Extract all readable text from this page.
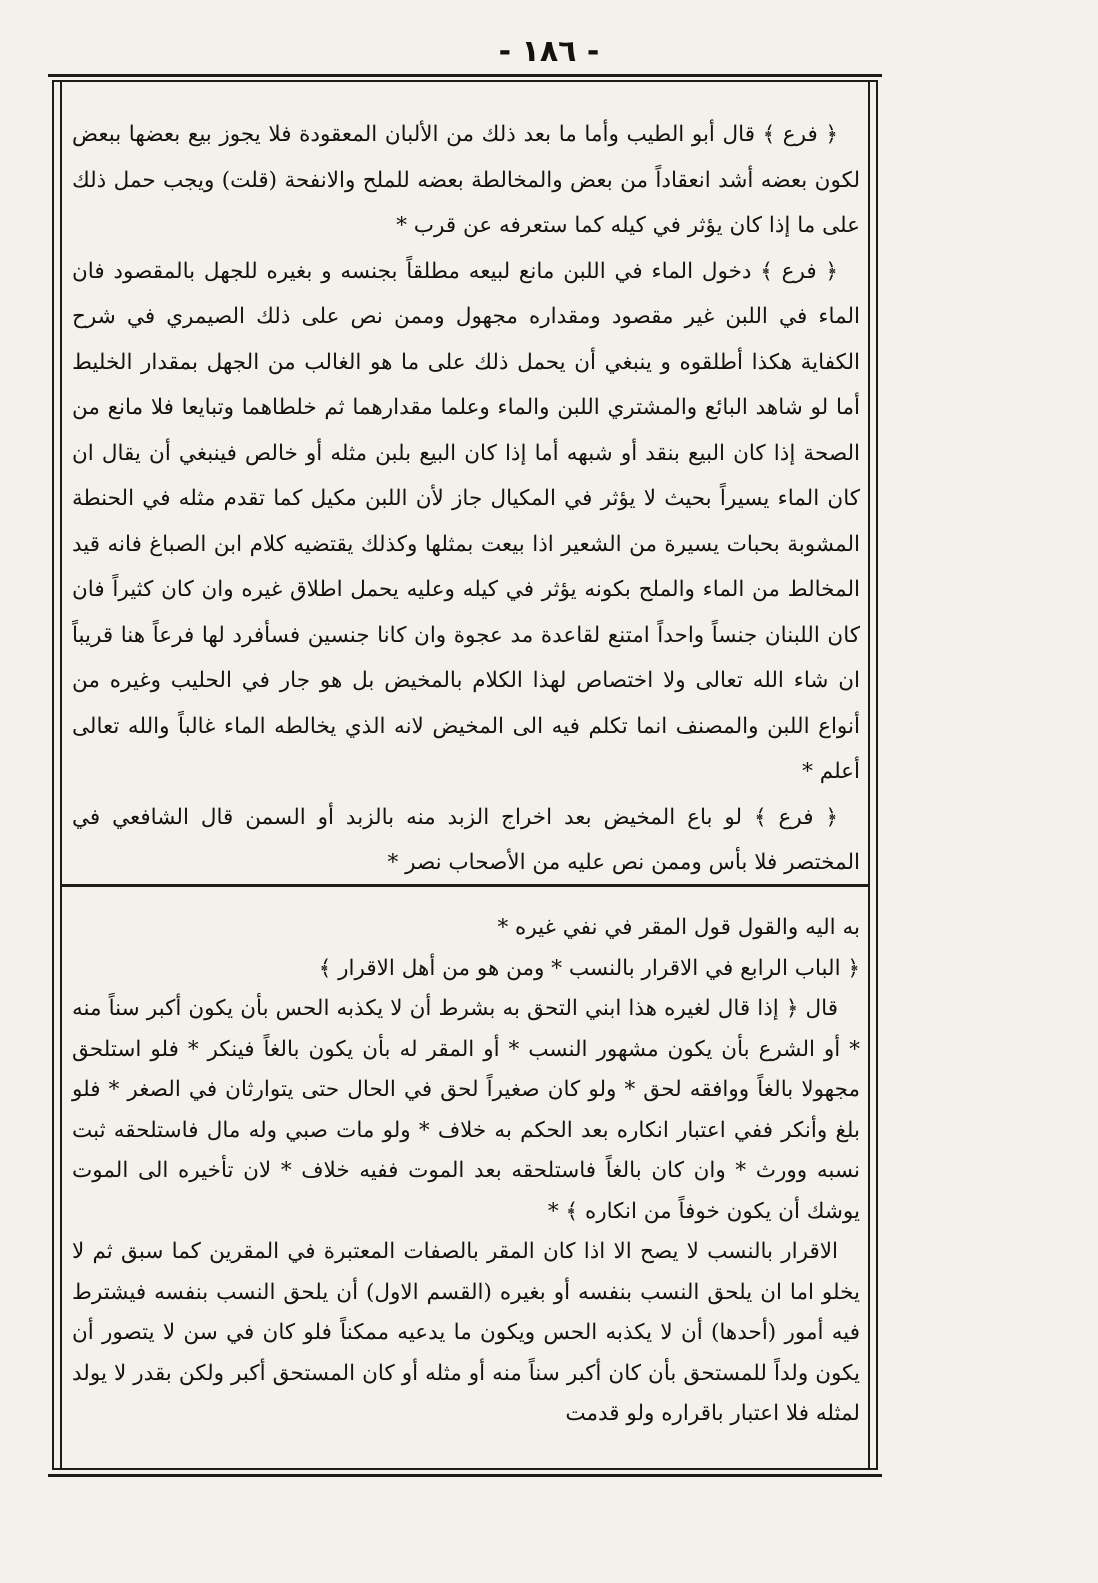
- ١٨٦ -

﴿ فرع ﴾ قال أبو الطيب وأما ما بعد ذلك من الألبان المعقودة فلا يجوز بيع بعضها ببعض لكون بعضه أشد انعقاداً من بعض والمخالطة بعضه للملح والانفحة (قلت) ويجب حمل ذلك على ما إذا كان يؤثر في كيله كما ستعرفه عن قرب *

﴿ فرع ﴾ دخول الماء في اللبن مانع لبيعه مطلقاً بجنسه و بغيره للجهل بالمقصود فان الماء في اللبن غير مقصود ومقداره مجهول وممن نص على ذلك الصيمري في شرح الكفاية هكذا أطلقوه و ينبغي أن يحمل ذلك على ما هو الغالب من الجهل بمقدار الخليط أما لو شاهد البائع والمشتري اللبن والماء وعلما مقدارهما ثم خلطاهما وتبايعا فلا مانع من الصحة إذا كان البيع بنقد أو شبهه أما إذا كان البيع بلبن مثله أو خالص فينبغي أن يقال ان كان الماء يسيراً بحيث لا يؤثر في المكيال جاز لأن اللبن مكيل كما تقدم مثله في الحنطة المشوبة بحبات يسيرة من الشعير اذا بيعت بمثلها وكذلك يقتضيه كلام ابن الصباغ فانه قيد المخالط من الماء والملح بكونه يؤثر في كيله وعليه يحمل اطلاق غيره وان كان كثيراً فان كان اللبنان جنساً واحداً امتنع لقاعدة مد عجوة وان كانا جنسين فسأفرد لها فرعاً هنا قريباً ان شاء الله تعالى ولا اختصاص لهذا الكلام بالمخيض بل هو جار في الحليب وغيره من أنواع اللبن والمصنف انما تكلم فيه الى المخيض لانه الذي يخالطه الماء غالباً والله تعالى أعلم *

﴿ فرع ﴾ لو باع المخيض بعد اخراج الزبد منه بالزبد أو السمن قال الشافعي في المختصر فلا بأس وممن نص عليه من الأصحاب نصر *

به اليه والقول قول المقر في نفي غيره *

﴿ الباب الرابع في الاقرار بالنسب * ومن هو من أهل الاقرار ﴾

قال ﴿ إذا قال لغيره هذا ابني التحق به بشرط أن لا يكذبه الحس بأن يكون أكبر سناً منه * أو الشرع بأن يكون مشهور النسب * أو المقر له بأن يكون بالغاً فينكر * فلو استلحق مجهولا بالغاً ووافقه لحق * ولو كان صغيراً لحق في الحال حتى يتوارثان في الصغر * فلو بلغ وأنكر ففي اعتبار انكاره بعد الحكم به خلاف * ولو مات صبي وله مال فاستلحقه ثبت نسبه وورث * وان كان بالغاً فاستلحقه بعد الموت ففيه خلاف * لان تأخيره الى الموت يوشك أن يكون خوفاً من انكاره ﴾ *

الاقرار بالنسب لا يصح الا اذا كان المقر بالصفات المعتبرة في المقرين كما سبق ثم لا يخلو اما ان يلحق النسب بنفسه أو بغيره (القسم الاول) أن يلحق النسب بنفسه فيشترط فيه أمور (أحدها) أن لا يكذبه الحس ويكون ما يدعيه ممكناً فلو كان في سن لا يتصور أن يكون ولداً للمستحق بأن كان أكبر سناً منه أو مثله أو كان المستحق أكبر ولكن بقدر لا يولد لمثله فلا اعتبار باقراره ولو قدمت
